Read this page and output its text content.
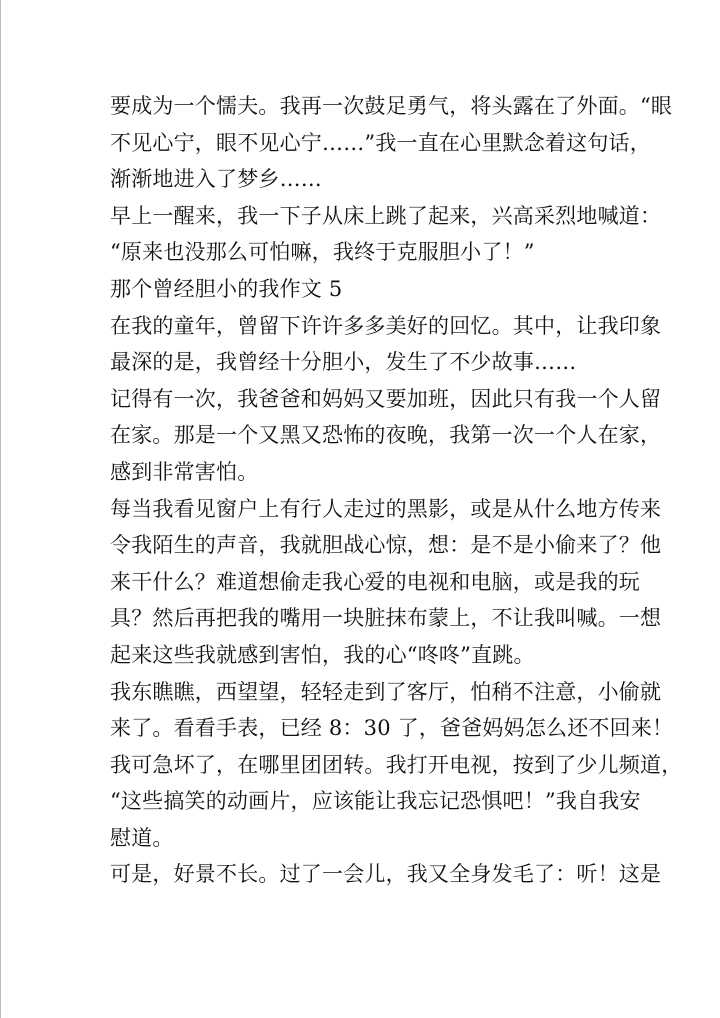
要成为一个懦夫。我再一次鼓足勇气，将头露在了外面。“眼
不见心宁，眼不见心宁……”我一直在心里默念着这句话，
渐渐地进入了梦乡……

早上一醒来，我一下子从床上跳了起来，兴高采烈地喊道：
“原来也没那么可怕嘛，我终于克服胆小了！”

那个曾经胆小的我作文 5

在我的童年，曾留下许许多多美好的回忆。其中，让我印象
最深的是，我曾经十分胆小，发生了不少故事……

记得有一次，我爸爸和妈妈又要加班，因此只有我一个人留
在家。那是一个又黑又恐怖的夜晚，我第一次一个人在家，
感到非常害怕。

每当我看见窗户上有行人走过的黑影，或是从什么地方传来
令我陌生的声音，我就胆战心惊，想：是不是小偷来了？他
来干什么？难道想偷走我心爱的电视和电脑，或是我的玩
具？然后再把我的嘴用一块脏抹布蒙上，不让我叫喊。一想
起来这些我就感到害怕，我的心“咚咚”直跳。

我东瞧瞧，西望望，轻轻走到了客厅，怕稍不注意，小偷就
来了。看看手表，已经 8：30 了，爸爸妈妈怎么还不回来！
我可急坏了，在哪里团团转。我打开电视，按到了少儿频道，
“这些搞笑的动画片，应该能让我忘记恐惧吧！”我自我安
慰道。

可是，好景不长。过了一会儿，我又全身发毛了：听！这是
